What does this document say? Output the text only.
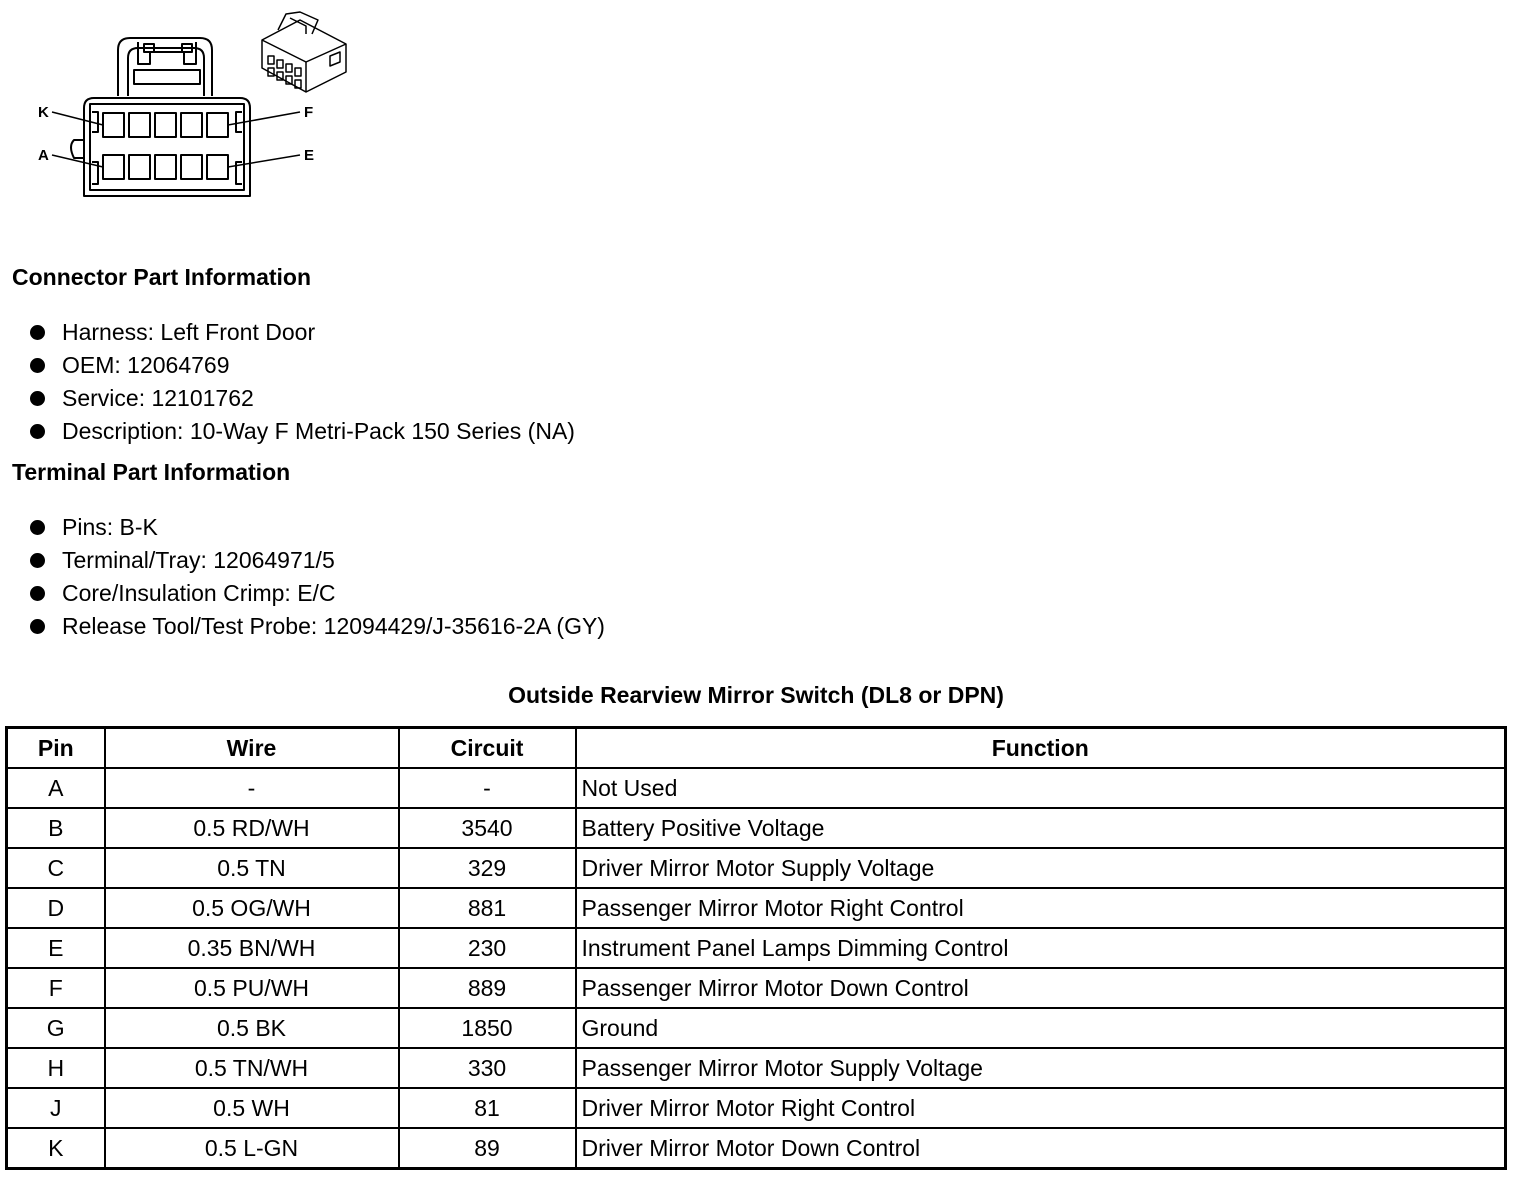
K	F
A	E
Connector Part Information
Harness: Left Front Door
OEM: 12064769
Service: 12101762
Description: 10-Way F Metri-Pack 150 Series (NA)
Terminal Part Information
Pins: B-K
Terminal/Tray: 12064971/5
Core/Insulation Crimp: E/C
Release Tool/Test Probe: 12094429/J-35616-2A (GY)
Outside Rearview Mirror Switch (DL8 or DPN)
Pin	Wire	Circuit	Function
A	-	-	Not Used
B	0.5 RD/WH	3540	Battery Positive Voltage
C	0.5 TN	329	Driver Mirror Motor Supply Voltage
D	0.5 OG/WH	881	Passenger Mirror Motor Right Control
E	0.35 BN/WH	230	Instrument Panel Lamps Dimming Control
F	0.5 PU/WH	889	Passenger Mirror Motor Down Control
G	0.5 BK	1850	Ground
H	0.5 TN/WH	330	Passenger Mirror Motor Supply Voltage
J	0.5 WH	81	Driver Mirror Motor Right Control
K	0.5 L-GN	89	Driver Mirror Motor Down Control
